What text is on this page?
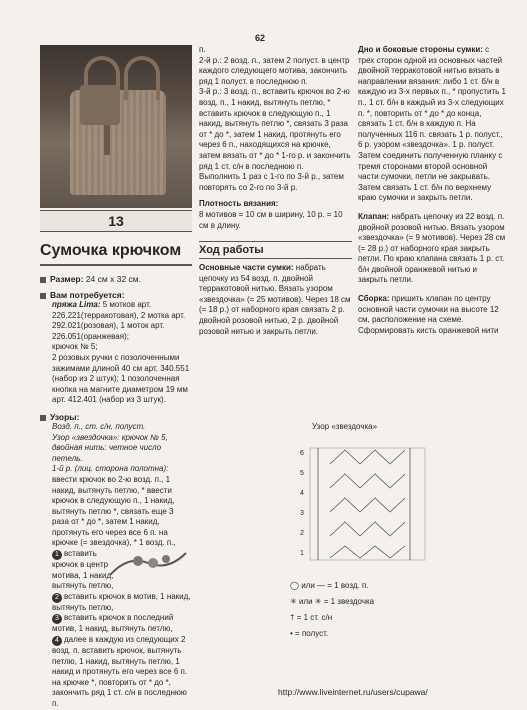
62
13
Сумочка крючком
Размер: 24 см х 32 см.
Вам потребуется:

пряжа Lima: 5 мотков арт. 226.221(терракотовая), 2 мотка арт. 292.021(розовая), 1 моток арт. 226.051(оранжевая);

крючок № 5;

2 розовых ручки с позолоченными зажимами длиной 40 см арт. 340.551 (набор из 2 штук); 1 позолоченная кнопка на магните диаметром 19 мм арт. 412.401 (набор из 3 штук).

Узоры:

Возд. п., ст. с/н, полуст.

Узор «звездочка»: крючок № 5, двойная нить: четное число петель.

1-й р. (лиц. сторона полотна): ввести крючок во 2-ю возд. п., 1 накид, вытянуть петлю, * ввести крючок в следующую п., 1 накид, вытянуть петлю *, связать еще 3 раза от * до *, затем 1 накид, протянуть его через все 6 п. на крючке (= звездочка), * 1 возд. п.,

1 вставить крючок в центр мотива, 1 накид, вытянуть петлю,

2 вставить крючок в мотив, 1 накид, вытянуть петлю,

3 вставить крючок в последний мотив, 1 накид, вытянуть петлю,

4 далее в каждую из следующих 2 возд. п. вставить крючок, вытянуть петлю, 1 накид, вытянуть петлю, 1 накид и протянуть его через все 6 п. на крючке *, повторить от * до *, закончить ряд 1 ст. с/н в последнюю п.

п.

2-й р.: 2 возд. п., затем 2 полуст. в центр каждого следующего мотива, закончить ряд 1 полуст. в последнюю п.

3-й р.: 3 возд. п., вставить крючок во 2-ю возд. п., 1 накид, вытянуть петлю, * вставить крючок в следующую п., 1 накид, вытянуть петлю *, связать 3 раза от * до *, затем 1 накид, протянуть его через 6 п., находящихся на крючке, затем вязать от * до * 1-го р. и закончить ряд 1 ст. с/н в последнюю п.

Выполнить 1 раз с 1-го по 3-й р., затем повторять со 2-го по 3-й р.

Плотность вязания:

8 мотивов = 10 см в ширину, 10 р. = 10 см в длину.

Ход работы

Основные части сумки: набрать цепочку из 54 возд. п. двойной терракотовой нитью. Вязать узором «звездочка» (= 25 мотивов). Через 18 см (= 18 р.) от наборного края связать 2 р. двойной розовой нитью, 2 р. двойной розовой нитью и закрыть петли.

Дно и боковые стороны сумки: с трех сторон одной из основных частей двойной терракотовой нитью вязать в направлении вязания: либо 1 ст. б/н в каждую из 3-х первых п., * пропустить 1 п., 1 ст. б/н в каждый из 3-х следующих п. *, повторить от * до * до конца, связать 1 ст. б/н в каждую п. На полученных 116 п. связать 1 р. полуст., 6 р. узором «звездочка». 1 р. полуст. Затем соединить полученную планку с тремя сторонами второй основной части сумочки, петли не закрывать. Затем связать 1 ст. б/н по верхнему краю сумочки и закрыть петли.

Клапан: набрать цепочку из 22 возд. п. двойной розовой нитью. Вязать узором «звездочка» (= 9 мотивов). Через 28 см (= 28 р.) от наборного края закрыть петли. По краю клапана связать 1 р. ст. б/н двойной оранжевой нитью и закрыть петли.

Сборка: пришить клапан по центру основной части сумочки на высоте 12 см, расположение на схеме. Сформировать кисть оранжевой нити

Узор «звездочка»
6
5
4
3
2
1
◯ или — = 1 возд. п.
✳ или ✳ = 1 звездочка
† = 1 ст. с/н
• = полуст.
http://www.liveinternet.ru/users/cupawa/
